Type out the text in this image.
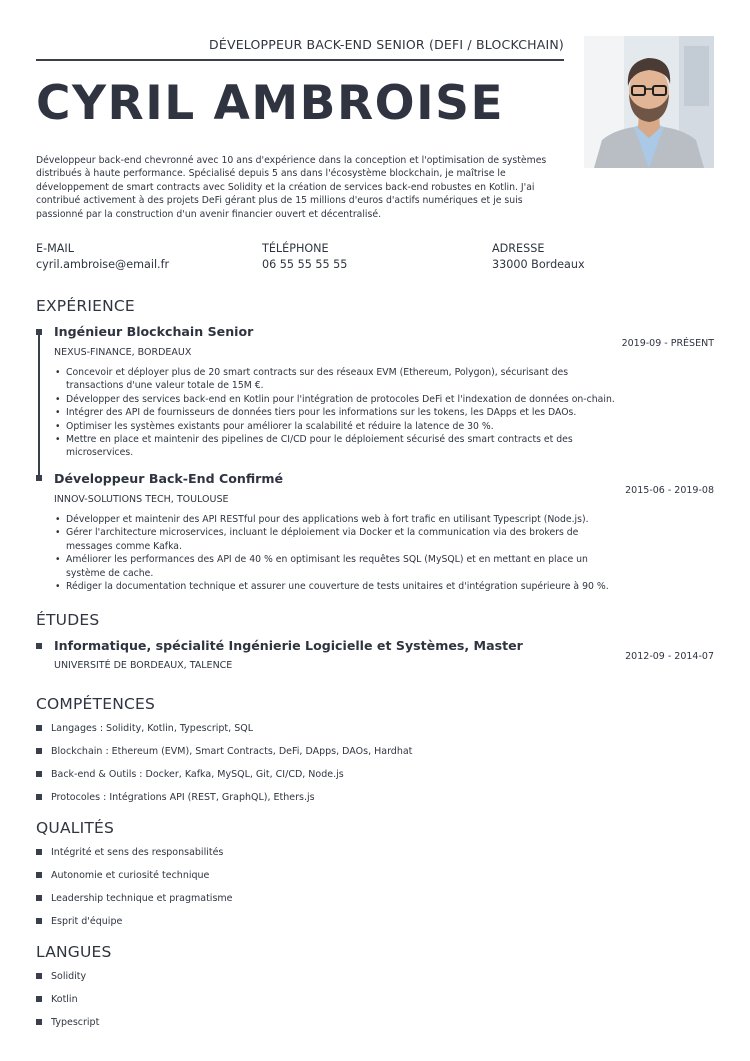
DÉVELOPPEUR BACK-END SENIOR (DEFI / BLOCKCHAIN)
CYRIL AMBROISE
Développeur back-end chevronné avec 10 ans d'expérience dans la conception et l'optimisation de systèmes distribués à haute performance. Spécialisé depuis 5 ans dans l'écosystème blockchain, je maîtrise le développement de smart contracts avec Solidity et la création de services back-end robustes en Kotlin. J'ai contribué activement à des projets DeFi gérant plus de 15 millions d'euros d'actifs numériques et je suis passionné par la construction d'un avenir financier ouvert et décentralisé.
E-MAIL
cyril.ambroise@email.fr
TÉLÉPHONE
06 55 55 55 55
ADRESSE
33000 Bordeaux
EXPÉRIENCE
Ingénieur Blockchain Senior
NEXUS-FINANCE, BORDEAUX
2019-09 - PRÉSENT
• Concevoir et déployer plus de 20 smart contracts sur des réseaux EVM (Ethereum, Polygon), sécurisant des transactions d'une valeur totale de 15M €.
• Développer des services back-end en Kotlin pour l'intégration de protocoles DeFi et l'indexation de données on-chain.
• Intégrer des API de fournisseurs de données tiers pour les informations sur les tokens, les DApps et les DAOs.
• Optimiser les systèmes existants pour améliorer la scalabilité et réduire la latence de 30 %.
• Mettre en place et maintenir des pipelines de CI/CD pour le déploiement sécurisé des smart contracts et des microservices.
Développeur Back-End Confirmé
INNOV-SOLUTIONS TECH, TOULOUSE
2015-06 - 2019-08
• Développer et maintenir des API RESTful pour des applications web à fort trafic en utilisant Typescript (Node.js).
• Gérer l'architecture microservices, incluant le déploiement via Docker et la communication via des brokers de messages comme Kafka.
• Améliorer les performances des API de 40 % en optimisant les requêtes SQL (MySQL) et en mettant en place un système de cache.
• Rédiger la documentation technique et assurer une couverture de tests unitaires et d'intégration supérieure à 90 %.
ÉTUDES
Informatique, spécialité Ingénierie Logicielle et Systèmes, Master
UNIVERSITÉ DE BORDEAUX, TALENCE
2012-09 - 2014-07
COMPÉTENCES
Langages : Solidity, Kotlin, Typescript, SQL
Blockchain : Ethereum (EVM), Smart Contracts, DeFi, DApps, DAOs, Hardhat
Back-end & Outils : Docker, Kafka, MySQL, Git, CI/CD, Node.js
Protocoles : Intégrations API (REST, GraphQL), Ethers.js
QUALITÉS
Intégrité et sens des responsabilités
Autonomie et curiosité technique
Leadership technique et pragmatisme
Esprit d'équipe
LANGUES
Solidity
Kotlin
Typescript
